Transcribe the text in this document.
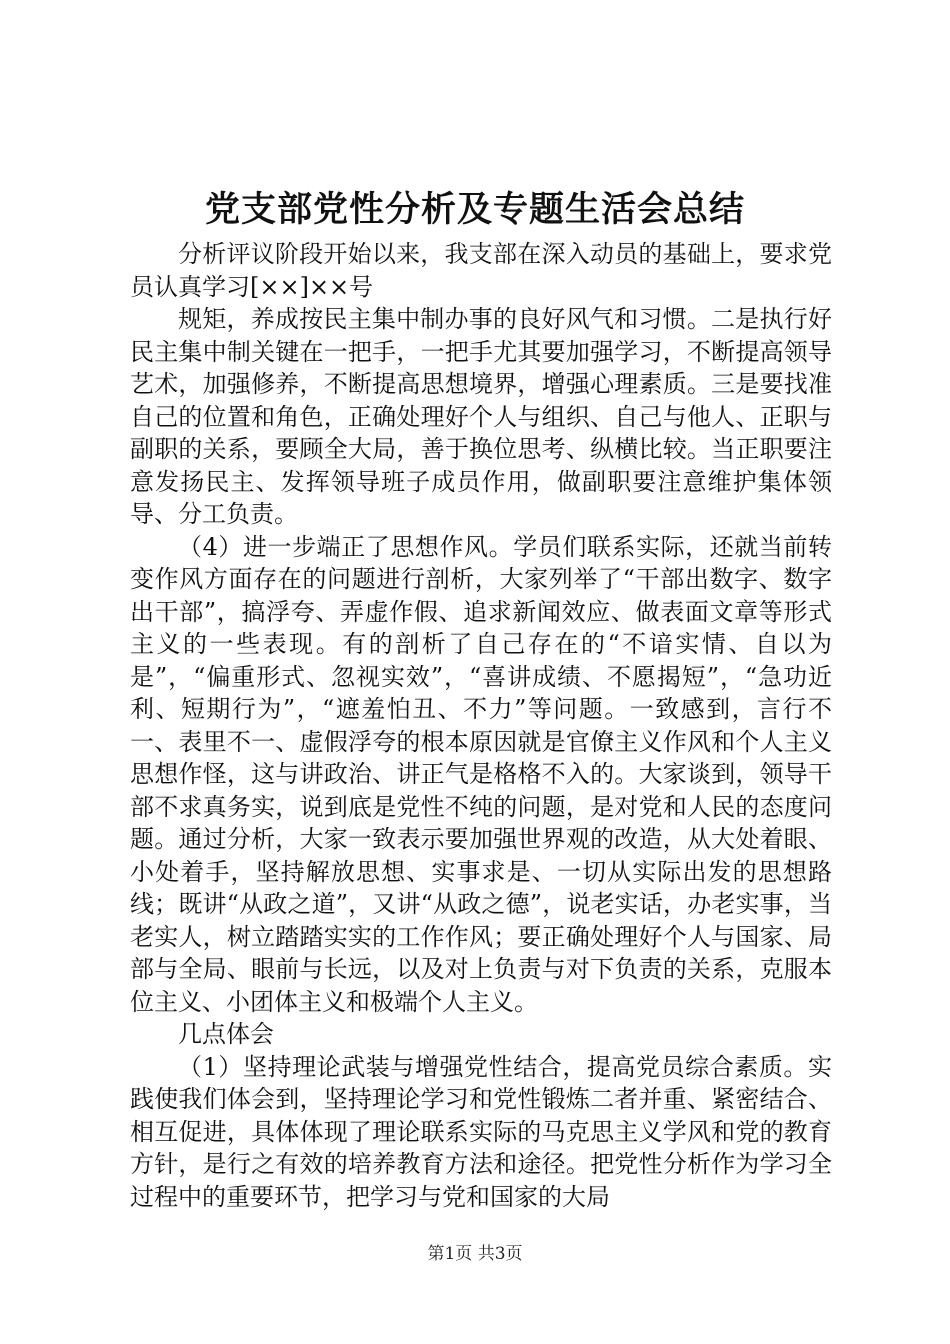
党支部党性分析及专题生活会总结

分析评议阶段开始以来，我支部在深入动员的基础上，要求党员认真学习[××]××号

规矩，养成按民主集中制办事的良好风气和习惯。二是执行好民主集中制关键在一把手，一把手尤其要加强学习，不断提高领导艺术，加强修养，不断提高思想境界，增强心理素质。三是要找准自己的位置和角色，正确处理好个人与组织、自己与他人、正职与副职的关系，要顾全大局，善于换位思考、纵横比较。当正职要注意发扬民主、发挥领导班子成员作用，做副职要注意维护集体领导、分工负责。

（4）进一步端正了思想作风。学员们联系实际，还就当前转变作风方面存在的问题进行剖析，大家列举了“干部出数字、数字出干部”，搞浮夸、弄虚作假、追求新闻效应、做表面文章等形式主义的一些表现。有的剖析了自己存在的“不谙实情、自以为是”，“偏重形式、忽视实效”，“喜讲成绩、不愿揭短”，“急功近利、短期行为”，“遮羞怕丑、不力”等问题。一致感到，言行不一、表里不一、虚假浮夸的根本原因就是官僚主义作风和个人主义思想作怪，这与讲政治、讲正气是格格不入的。大家谈到，领导干部不求真务实，说到底是党性不纯的问题，是对党和人民的态度问题。通过分析，大家一致表示要加强世界观的改造，从大处着眼、小处着手，坚持解放思想、实事求是、一切从实际出发的思想路线；既讲“从政之道”，又讲“从政之德”，说老实话，办老实事，当老实人，树立踏踏实实的工作作风；要正确处理好个人与国家、局部与全局、眼前与长远，以及对上负责与对下负责的关系，克服本位主义、小团体主义和极端个人主义。

几点体会

（1）坚持理论武装与增强党性结合，提高党员综合素质。实践使我们体会到，坚持理论学习和党性锻炼二者并重、紧密结合、相互促进，具体体现了理论联系实际的马克思主义学风和党的教育方针，是行之有效的培养教育方法和途径。把党性分析作为学习全过程中的重要环节，把学习与党和国家的大局

第1页 共3页
